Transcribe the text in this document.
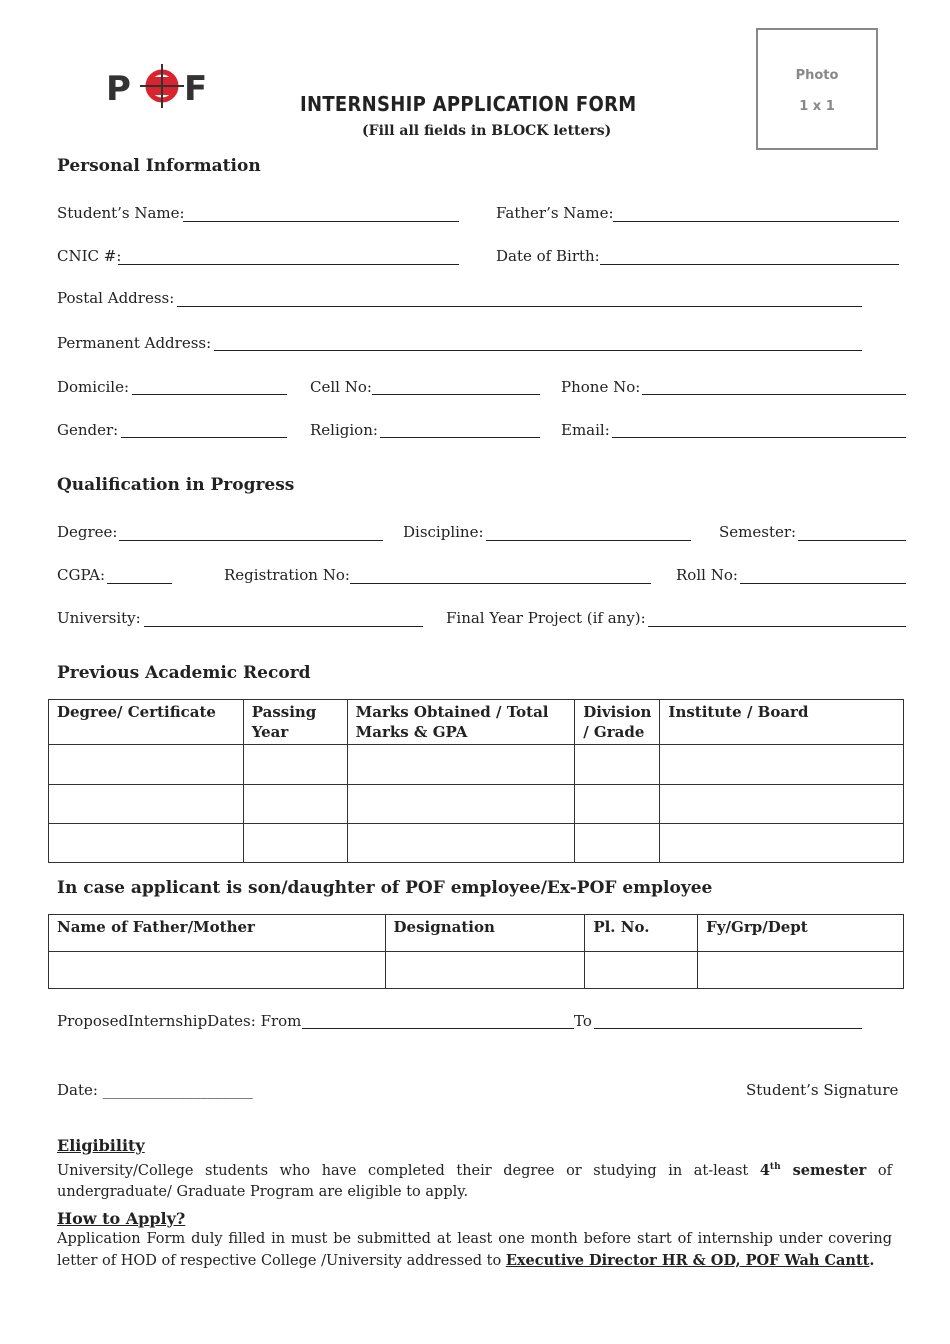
P F	INTERNSHIP APPLICATION FORM
(Fill all fields in BLOCK letters)
Photo
1 x 1
Personal Information
Student’s Name:	Father’s Name:
CNIC #:	Date of Birth:
Postal Address:
Permanent Address:
Domicile:	Cell No:	Phone No:
Gender:	Religion:	Email:
Qualification in Progress
Degree:	Discipline:	Semester:
CGPA:	Registration No:	Roll No:
University:	Final Year Project (if any):
Previous Academic Record
Degree/ Certificate	Passing Year	Marks Obtained / Total Marks & GPA	Division / Grade	Institute / Board

In case applicant is son/daughter of POF employee/Ex-POF employee
Name of Father/Mother	Designation	Pl. No.	Fy/Grp/Dept

ProposedInternshipDates: From	To
Date: ____________________	Student’s Signature
Eligibility
University/College students who have completed their degree or studying in at-least 4th semester of undergraduate/ Graduate Program are eligible to apply.
How to Apply?
Application Form duly filled in must be submitted at least one month before start of internship under covering letter of HOD of respective College /University addressed to Executive Director HR & OD, POF Wah Cantt.
